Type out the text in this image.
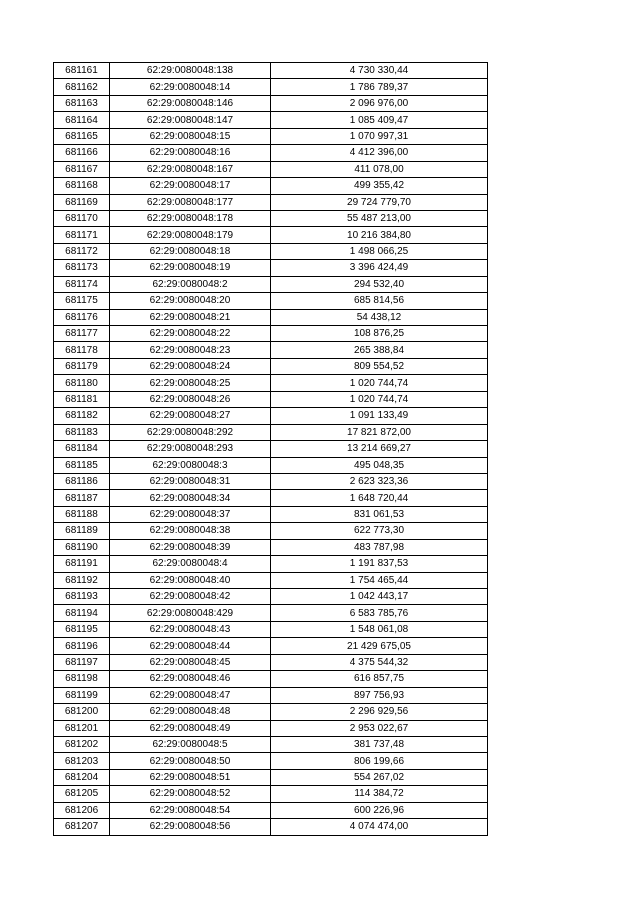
681161	62:29:0080048:138	4 730 330,44
681162	62:29:0080048:14	1 786 789,37
681163	62:29:0080048:146	2 096 976,00
681164	62:29:0080048:147	1 085 409,47
681165	62:29:0080048:15	1 070 997,31
681166	62:29:0080048:16	4 412 396,00
681167	62:29:0080048:167	411 078,00
681168	62:29:0080048:17	499 355,42
681169	62:29:0080048:177	29 724 779,70
681170	62:29:0080048:178	55 487 213,00
681171	62:29:0080048:179	10 216 384,80
681172	62:29:0080048:18	1 498 066,25
681173	62:29:0080048:19	3 396 424,49
681174	62:29:0080048:2	294 532,40
681175	62:29:0080048:20	685 814,56
681176	62:29:0080048:21	54 438,12
681177	62:29:0080048:22	108 876,25
681178	62:29:0080048:23	265 388,84
681179	62:29:0080048:24	809 554,52
681180	62:29:0080048:25	1 020 744,74
681181	62:29:0080048:26	1 020 744,74
681182	62:29:0080048:27	1 091 133,49
681183	62:29:0080048:292	17 821 872,00
681184	62:29:0080048:293	13 214 669,27
681185	62:29:0080048:3	495 048,35
681186	62:29:0080048:31	2 623 323,36
681187	62:29:0080048:34	1 648 720,44
681188	62:29:0080048:37	831 061,53
681189	62:29:0080048:38	622 773,30
681190	62:29:0080048:39	483 787,98
681191	62:29:0080048:4	1 191 837,53
681192	62:29:0080048:40	1 754 465,44
681193	62:29:0080048:42	1 042 443,17
681194	62:29:0080048:429	6 583 785,76
681195	62:29:0080048:43	1 548 061,08
681196	62:29:0080048:44	21 429 675,05
681197	62:29:0080048:45	4 375 544,32
681198	62:29:0080048:46	616 857,75
681199	62:29:0080048:47	897 756,93
681200	62:29:0080048:48	2 296 929,56
681201	62:29:0080048:49	2 953 022,67
681202	62:29:0080048:5	381 737,48
681203	62:29:0080048:50	806 199,66
681204	62:29:0080048:51	554 267,02
681205	62:29:0080048:52	114 384,72
681206	62:29:0080048:54	600 226,96
681207	62:29:0080048:56	4 074 474,00
